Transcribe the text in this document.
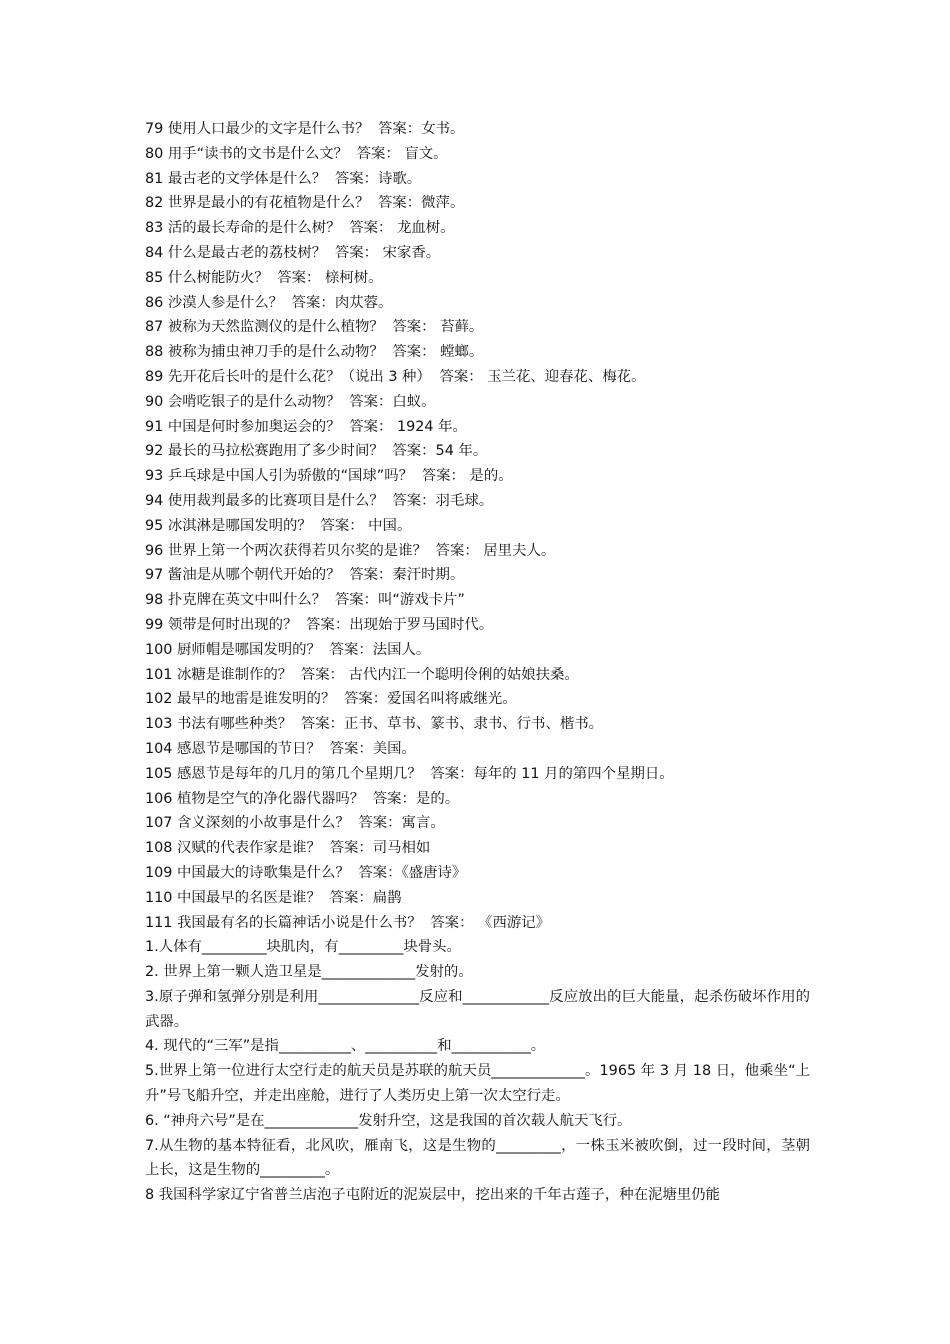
79 使用人口最少的文字是什么书？ 答案：女书。

80 用手“读书的文书是什么文？ 答案： 盲文。

81 最古老的文学体是什么？ 答案：诗歌。

82 世界是最小的有花植物是什么？ 答案：微萍。

83 活的最长寿命的是什么树？ 答案： 龙血树。

84 什么是最古老的荔枝树？ 答案： 宋家香。

85 什么树能防火？ 答案： 榇柯树。

86 沙漠人参是什么？ 答案：肉苁蓉。

87 被称为天然监测仪的是什么植物？ 答案： 苔藓。

88 被称为捕虫神刀手的是什么动物？ 答案： 螳螂。

89 先开花后长叶的是什么花？（说出 3 种） 答案： 玉兰花、迎春花、梅花。

90 会啃吃银子的是什么动物？ 答案：白蚁。

91 中国是何时参加奥运会的？ 答案： 1924 年。

92 最长的马拉松赛跑用了多少时间？ 答案：54 年。

93 乒乓球是中国人引为骄傲的“国球”吗？ 答案： 是的。

94 使用裁判最多的比赛项目是什么？ 答案：羽毛球。

95 冰淇淋是哪国发明的？ 答案： 中国。

96 世界上第一个两次获得若贝尔奖的是谁？ 答案： 居里夫人。

97 酱油是从哪个朝代开始的？ 答案：秦汗时期。

98 扑克牌在英文中叫什么？ 答案：叫“游戏卡片”

99 领带是何时出现的？ 答案：出现始于罗马国时代。

100 厨师帽是哪国发明的？ 答案：法国人。

101 冰糖是谁制作的？ 答案： 古代内江一个聪明伶俐的姑娘扶桑。

102 最早的地雷是谁发明的？ 答案：爱国名叫将戚继光。

103 书法有哪些种类？ 答案：正书、草书、篆书、隶书、行书、楷书。

104 感恩节是哪国的节日？ 答案：美国。

105 感恩节是每年的几月的第几个星期几？ 答案：每年的 11 月的第四个星期日。

106 植物是空气的净化器代器吗？ 答案：是的。

107 含义深刻的小故事是什么？ 答案：寓言。

108 汉赋的代表作家是谁？ 答案：司马相如

109 中国最大的诗歌集是什么？ 答案：《盛唐诗》

110 中国最早的名医是谁？ 答案：扁鹊

111 我国最有名的长篇神话小说是什么书？ 答案： 《西游记》

1.人体有_________块肌肉，有_________块骨头。

2. 世界上第一颗人造卫星是_____________发射的。

3.原子弹和氢弹分别是利用______________反应和____________反应放出的巨大能量，起杀伤破坏作用的武器。

4. 现代的“三军”是指__________、__________和___________。

5.世界上第一位进行太空行走的航天员是苏联的航天员_____________。1965 年 3 月 18 日，他乘坐“上升”号飞船升空，并走出座舱，进行了人类历史上第一次太空行走。

6. “神舟六号”是在_____________发射升空，这是我国的首次载人航天飞行。

7.从生物的基本特征看，北风吹，雁南飞，这是生物的_________，一株玉米被吹倒，过一段时间，茎朝上长，这是生物的_________。

8 我国科学家辽宁省普兰店泡子屯附近的泥炭层中，挖出来的千年古莲子，种在泥塘里仍能
